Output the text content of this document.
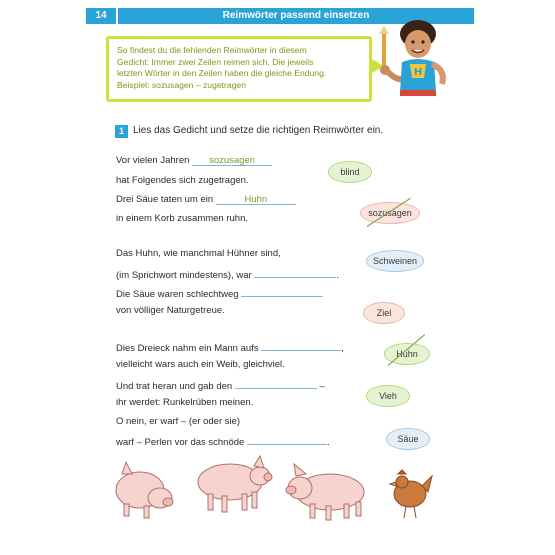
14	Reimwörter passend einsetzen

So findest du die fehlenden Reimwörter in diesem

Gedicht: Immer zwei Zeilen reimen sich. Die jeweils

letzten Wörter in den Zeilen haben die gleiche Endung.

Beispiel: sozusagen – zugetragen

H
1 Lies das Gedicht und setze die richtigen Reimwörter ein.
Vor vielen Jahren sozusagen
hat Folgendes sich zugetragen.
Drei Säue taten um ein	Huhn
in einem Korb zusammen ruhn.
Das Huhn, wie manchmal Hühner sind,
(im Sprichwort mindestens), war	.
Die Säue waren schlechtweg
von völliger Naturgetreue.
Dies Dreieck nahm ein Mann aufs	,
vielleicht wars auch ein Weib, gleichviel.
Und trat heran und gab den	–
ihr werdet: Runkelrüben meinen.
O nein, er warf – (er oder sie)
warf – Perlen vor das schnöde	.
blind
sozusagen
Schweinen
Ziel
Huhn
Vieh
Säue
